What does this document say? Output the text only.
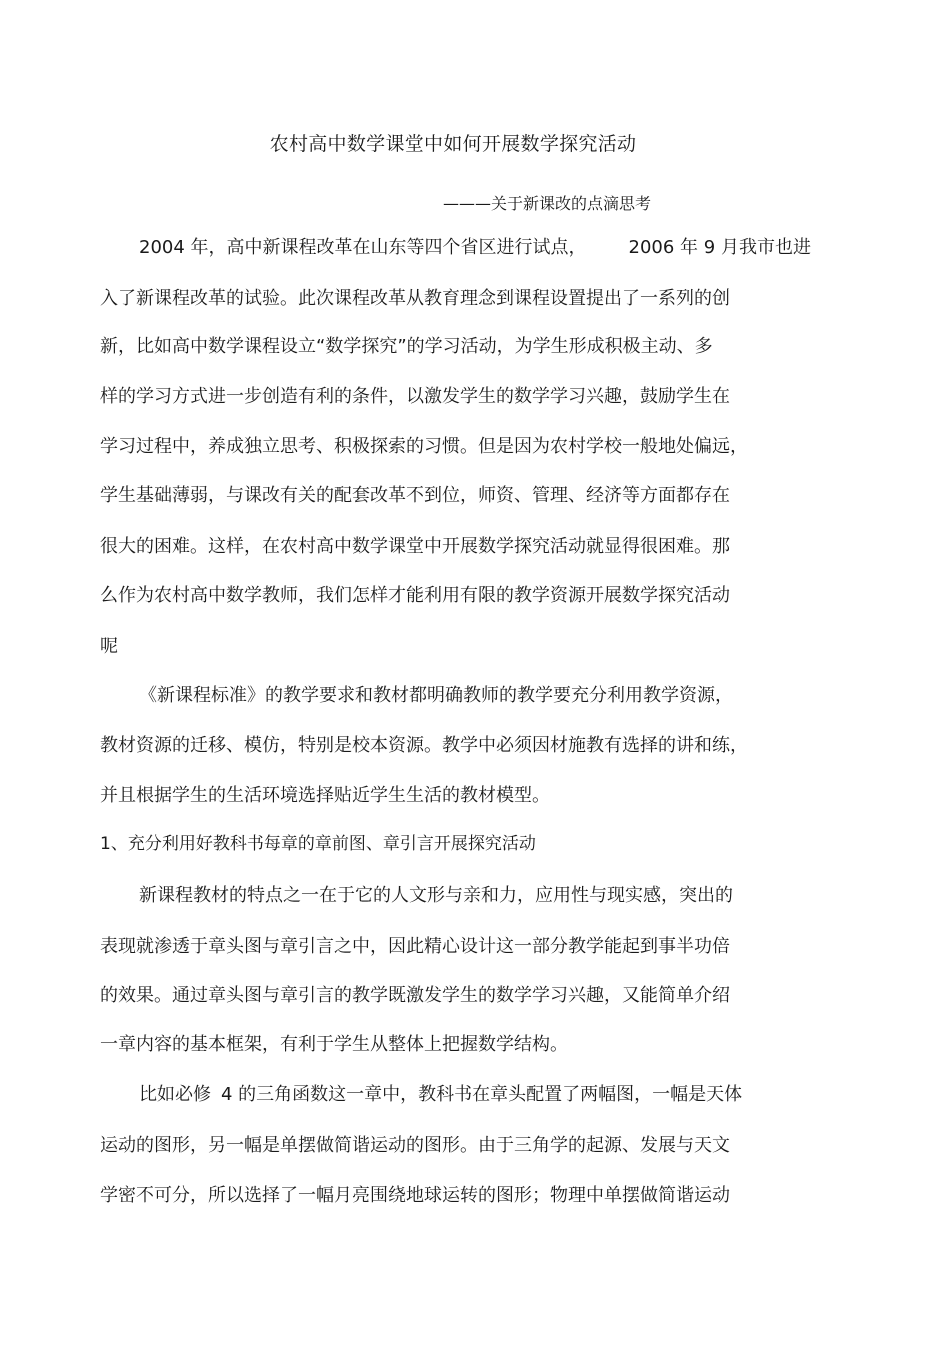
农村高中数学课堂中如何开展数学探究活动
———关于新课改的点滴思考
2004 年，高中新课程改革在山东等四个省区进行试点， 2006 年 9 月我市也进
入了新课程改革的试验。此次课程改革从教育理念到课程设置提出了一系列的创
新，比如高中数学课程设立“数学探究”的学习活动，为学生形成积极主动、多
样的学习方式进一步创造有利的条件，以激发学生的数学学习兴趣，鼓励学生在
学习过程中，养成独立思考、积极探索的习惯。但是因为农村学校一般地处偏远，
学生基础薄弱，与课改有关的配套改革不到位，师资、管理、经济等方面都存在
很大的困难。这样，在农村高中数学课堂中开展数学探究活动就显得很困难。那
么作为农村高中数学教师，我们怎样才能利用有限的教学资源开展数学探究活动
呢
《新课程标准》的教学要求和教材都明确教师的教学要充分利用教学资源，
教材资源的迁移、模仿，特别是校本资源。教学中必须因材施教有选择的讲和练，
并且根据学生的生活环境选择贴近学生生活的教材模型。
1、充分利用好教科书每章的章前图、章引言开展探究活动
新课程教材的特点之一在于它的人文形与亲和力，应用性与现实感，突出的
表现就渗透于章头图与章引言之中，因此精心设计这一部分教学能起到事半功倍
的效果。通过章头图与章引言的教学既激发学生的数学学习兴趣，又能简单介绍
一章内容的基本框架，有利于学生从整体上把握数学结构。
比如必修 4 的三角函数这一章中，教科书在章头配置了两幅图，一幅是天体
运动的图形，另一幅是单摆做简谐运动的图形。由于三角学的起源、发展与天文
学密不可分，所以选择了一幅月亮围绕地球运转的图形；物理中单摆做简谐运动
